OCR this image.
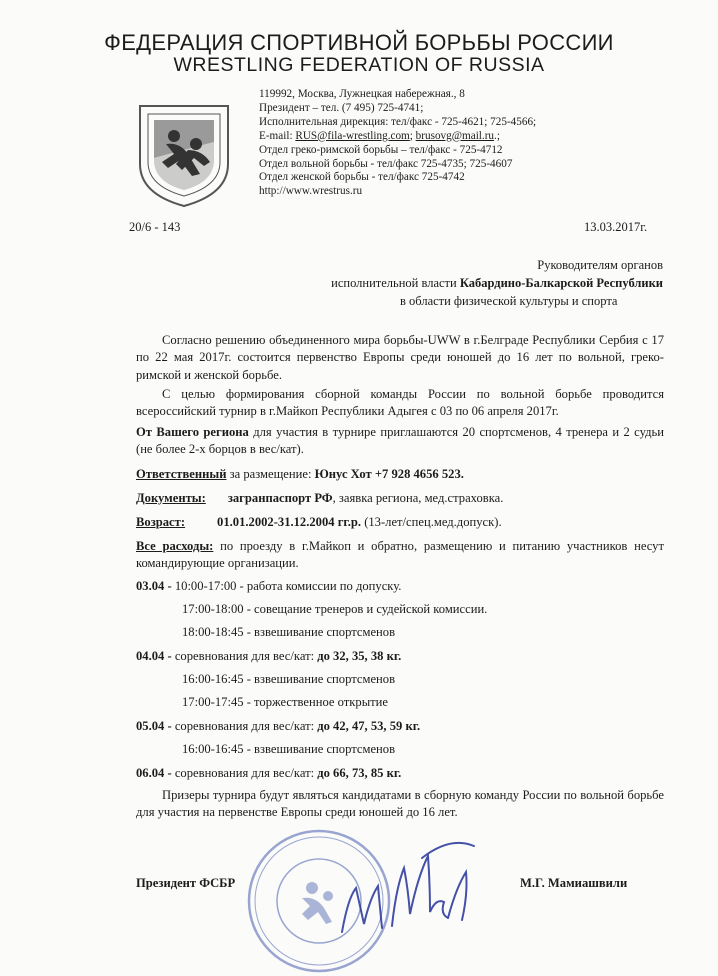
ФЕДЕРАЦИЯ СПОРТИВНОЙ БОРЬБЫ РОССИИ
WRESTLING FEDERATION OF RUSSIA
119992, Москва, Лужнецкая набережная., 8
Президент – тел. (7 495) 725-4741;
Исполнительная дирекция: тел/факс - 725-4621; 725-4566;
E-mail: RUS@fila-wrestling.com; brusovg@mail.ru.;
Отдел греко-римской борьбы – тел/факс - 725-4712
Отдел вольной борьбы - тел/факс 725-4735; 725-4607
Отдел женской борьбы - тел/факс 725-4742
http://www.wrestrus.ru
20/6 - 143	13.03.2017г.
Руководителям органов
исполнительной власти Кабардино-Балкарской Республики
в области физической культуры и спорта
Согласно решению объединенного мира борьбы-UWW в г.Белграде Республики Сербия с 17 по 22 мая 2017г. состоится первенство Европы среди юношей до 16 лет по вольной, греко-римской и женской борьбе.
С целью формирования сборной команды России по вольной борьбе проводится всероссийский турнир в г.Майкоп Республики Адыгея с 03 по 06 апреля 2017г.
От Вашего региона для участия в турнире приглашаются 20 спортсменов, 4 тренера и 2 судьи (не более 2-х борцов в вес/кат).
Ответственный за размещение: Юнус Хот +7 928 4656 523.
Документы: загранпаспорт РФ, заявка региона, мед.страховка.
Возраст:	01.01.2002-31.12.2004 гг.р. (13-лет/спец.мед.допуск).
Все расходы: по проезду в г.Майкоп и обратно, размещению и питанию участников несут командирующие организации.
03.04 - 10:00-17:00 - работа комиссии по допуску.
17:00-18:00 - совещание тренеров и судейской комиссии.
18:00-18:45 - взвешивание спортсменов
04.04 - соревнования для вес/кат: до 32, 35, 38 кг.
16:00-16:45 - взвешивание спортсменов
17:00-17:45 - торжественное открытие
05.04 - соревнования для вес/кат: до 42, 47, 53, 59 кг.
16:00-16:45 - взвешивание спортсменов
06.04 - соревнования для вес/кат: до 66, 73, 85 кг.
Призеры турнира будут являться кандидатами в сборную команду России по вольной борьбе для участия на первенстве Европы среди юношей до 16 лет.
Президент ФСБР	М.Г. Мамиашвили
